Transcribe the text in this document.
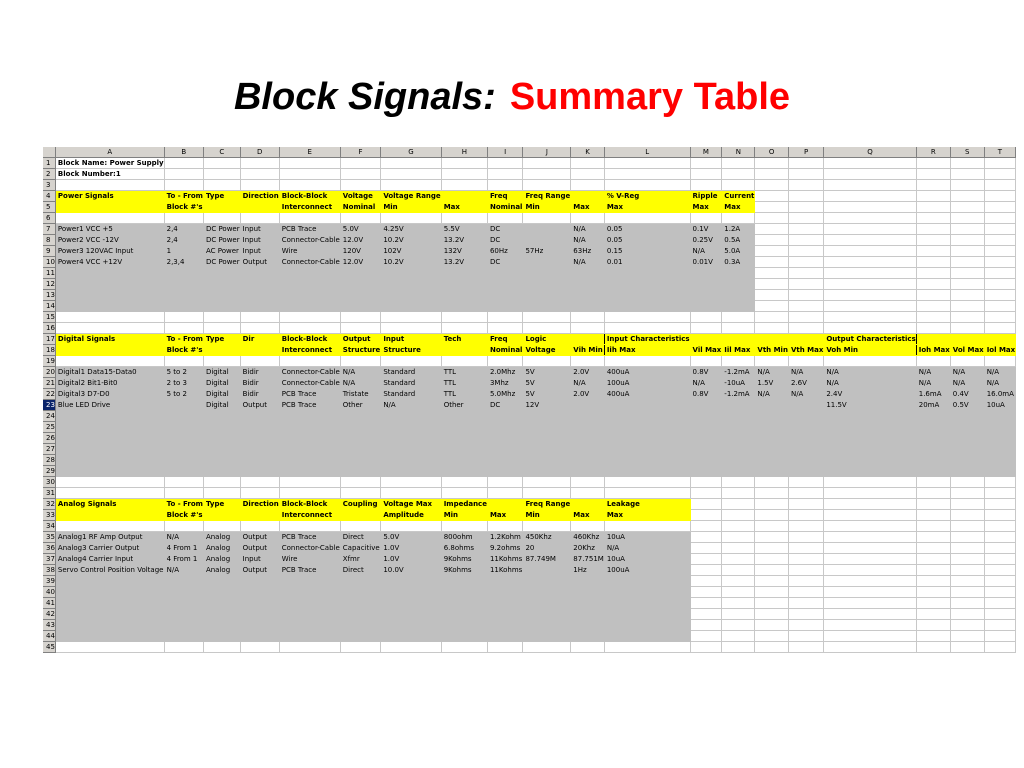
Block Signals: Summary Table
	A	B	C	D	E	F	G	H	I	J	K	L	M	N	O	P	Q	R	S	T
1	Block Name: Power Supply																			
2	Block Number:1																			
3																				
4	Power Signals	To - From	Type	Direction	Block-Block	Voltage	Voltage Range		Freq	Freq Range		% V-Reg	Ripple	Current						
5		Block #'s			Interconnect	Nominal	Min	Max	Nominal	Min	Max	Max	Max	Max						
6																				
7	Power1 VCC +5	2,4	DC Power	Input	PCB Trace	5.0V	4.25V	5.5V	DC		N/A	0.05	0.1V	1.2A						
8	Power2 VCC -12V	2,4	DC Power	Input	Connector-Cable	12.0V	10.2V	13.2V	DC		N/A	0.05	0.25V	0.5A						
9	Power3 120VAC Input	1	AC Power	Input	Wire	120V	102V	132V	60Hz	57Hz	63Hz	0.15	N/A	5.0A						
10	Power4 VCC +12V	2,3,4	DC Power	Output	Connector-Cable	12.0V	10.2V	13.2V	DC		N/A	0.01	0.01V	0.3A						
11																				
12																				
13																				
14																				
15																				
16																				
17	Digital Signals	To - From	Type	Dir	Block-Block	Output	Input	Tech	Freq	Logic		Input Characteristics					Output Characteristics			
18		Block #'s			Interconnect	Structure	Structure		Nominal	Voltage	Vih Min	Iih Max	Vil Max	Iil Max	Vth Min	Vth Max	Voh Min	Ioh Max	Vol Max	Iol Max
19																				
20	Digital1 Data15-Data0	5 to 2	Digital	Bidir	Connector-Cable	N/A	Standard	TTL	2.0Mhz	5V	2.0V	400uA	0.8V	-1.2mA	N/A	N/A	N/A	N/A	N/A	N/A
21	Digital2 Bit1-Bit0	2 to 3	Digital	Bidir	Connector-Cable	N/A	Standard	TTL	3Mhz	5V	N/A	100uA	N/A	-10uA	1.5V	2.6V	N/A	N/A	N/A	N/A
22	Digital3 D7-D0	5 to 2	Digital	Bidir	PCB Trace	Tristate	Standard	TTL	5.0Mhz	5V	2.0V	400uA	0.8V	-1.2mA	N/A	N/A	2.4V	1.6mA	0.4V	16.0mA
23	Blue LED Drive		Digital	Output	PCB Trace	Other	N/A	Other	DC	12V							11.5V	20mA	0.5V	10uA
24																				
25																				
26																				
27																				
28																				
29																				
30																				
31																				
32	Analog Signals	To - From	Type	Direction	Block-Block	Coupling	Voltage Max	Impedance		Freq Range		Leakage								
33		Block #'s			Interconnect		Amplitude	Min	Max	Min	Max	Max								
34																				
35	Analog1 RF Amp Output	N/A	Analog	Output	PCB Trace	Direct	5.0V	800ohm	1.2Kohm	450Khz	460Khz	10uA								
36	Analog3 Carrier Output	4 From 1	Analog	Output	Connector-Cable	Capacitive	1.0V	6.8ohms	9.2ohms	20	20Khz	N/A								
37	Analog4 Carrier Input	4 From 1	Analog	Input	Wire	Xfmr	1.0V	9Kohms	11Kohms	87.749M	87.751M	10uA								
38	Servo Control Position Voltage	N/A	Analog	Output	PCB Trace	Direct	10.0V	9Kohms	11Kohms		1Hz	100uA								
39																				
40																				
41																				
42																				
43																				
44																				
45																				
